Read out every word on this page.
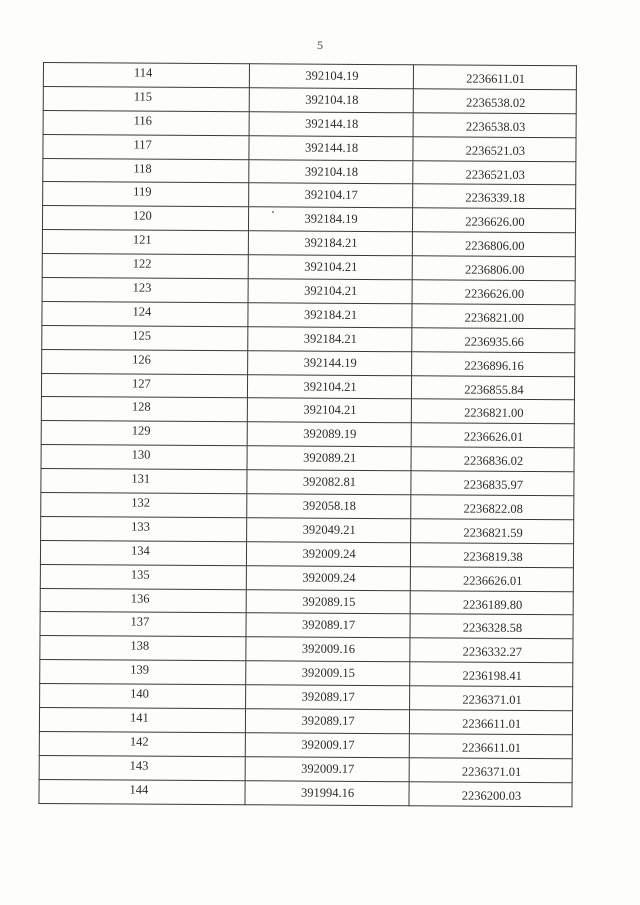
5
114	392104.19	2236611.01
115	392104.18	2236538.02
116	392144.18	2236538.03
117	392144.18	2236521.03
118	392104.18	2236521.03
119	392104.17	2236339.18
120	392184.19	2236626.00
121	392184.21	2236806.00
122	392104.21	2236806.00
123	392104.21	2236626.00
124	392184.21	2236821.00
125	392184.21	2236935.66
126	392144.19	2236896.16
127	392104.21	2236855.84
128	392104.21	2236821.00
129	392089.19	2236626.01
130	392089.21	2236836.02
131	392082.81	2236835.97
132	392058.18	2236822.08
133	392049.21	2236821.59
134	392009.24	2236819.38
135	392009.24	2236626.01
136	392089.15	2236189.80
137	392089.17	2236328.58
138	392009.16	2236332.27
139	392009.15	2236198.41
140	392089.17	2236371.01
141	392089.17	2236611.01
142	392009.17	2236611.01
143	392009.17	2236371.01
144	391994.16	2236200.03
